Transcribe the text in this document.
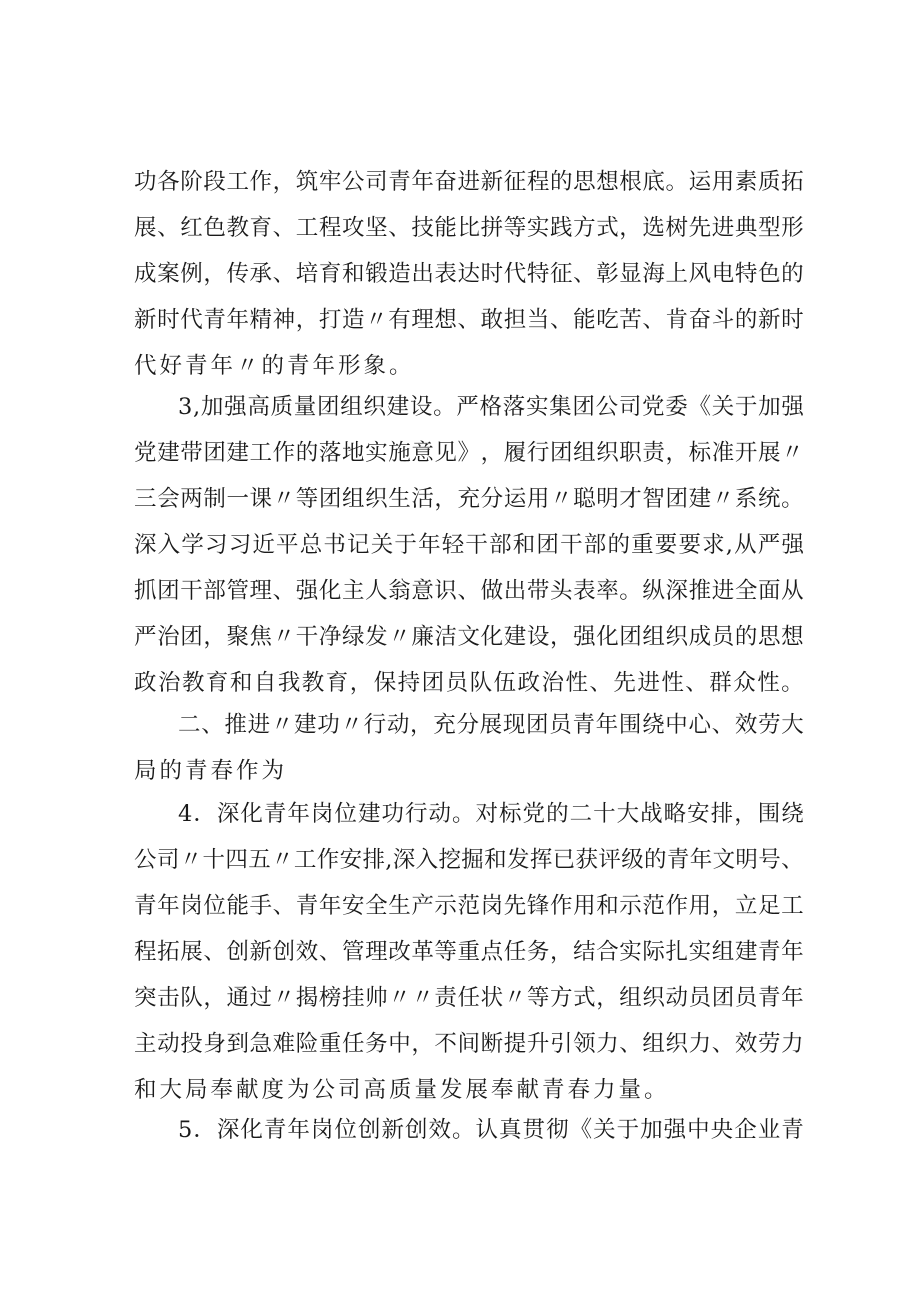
功 各 阶 段 工 作 ， 筑 牢 公 司 青 年 奋 进 新 征 程 的 思 想 根 底 。 运 用 素 质 拓
展 、 红 色 教 育 、 工 程 攻 坚 、 技 能 比 拼 等 实 践 方 式 ， 选 树 先 进 典 型 形
成 案 例 ， 传 承 、 培 育 和 锻 造 出 表 达 时 代 特 征 、 彰 显 海 上 风 电 特 色 的
新 时 代 青 年 精 神 ， 打 造 〃 有 理 想 、 敢 担 当 、 能 吃 苦 、 肯 奋 斗 的 新 时
代好青年〃的青年形象。
3 , 加 强 高 质 量 团 组 织 建 设 。 严 格 落 实 集 团 公 司 党 委 《 关 于 加 强
党 建 带 团 建 工 作 的 落 地 实 施 意 见 》 ， 履 行 团 组 织 职 责 ， 标 准 开 展 〃
三 会 两 制 一 课 〃 等 团 组 织 生 活 ， 充 分 运 用 〃 聪 明 才 智 团 建 〃 系 统 。
深 入 学 习 习 近 平 总 书 记 关 于 年 轻 干 部 和 团 干 部 的 重 要 要 求 , 从 严 强
抓 团 干 部 管 理 、 强 化 主 人 翁 意 识 、 做 出 带 头 表 率 。 纵 深 推 进 全 面 从
严 治 团 ， 聚 焦 〃 干 净 绿 发 〃 廉 洁 文 化 建 设 ， 强 化 团 组 织 成 员 的 思 想
政 治 教 育 和 自 我 教 育 ， 保 持 团 员 队 伍 政 治 性 、 先 进 性 、 群 众 性 。
二 、 推 进 〃 建 功 〃 行 动 ， 充 分 展 现 团 员 青 年 围 绕 中 心 、 效 劳 大
局的青春作为
4 ． 深 化 青 年 岗 位 建 功 行 动 。 对 标 党 的 二 十 大 战 略 安 排 ， 围 绕
公 司 〃 十 四 五 〃 工 作 安 排 , 深 入 挖 掘 和 发 挥 已 获 评 级 的 青 年 文 明 号 、
青 年 岗 位 能 手 、 青 年 安 全 生 产 示 范 岗 先 锋 作 用 和 示 范 作 用 ， 立 足 工
程 拓 展 、 创 新 创 效 、 管 理 改 革 等 重 点 任 务 ， 结 合 实 际 扎 实 组 建 青 年
突 击 队 ， 通 过 〃 揭 榜 挂 帅 〃 〃 责 任 状 〃 等 方 式 ， 组 织 动 员 团 员 青 年
主 动 投 身 到 急 难 险 重 任 务 中 ， 不 间 断 提 升 引 领 力 、 组 织 力 、 效 劳 力
和大局奉献度为公司高质量发展奉献青春力量。
5 ． 深 化 青 年 岗 位 创 新 创 效 。 认 真 贯 彻 《 关 于 加 强 中 央 企 业 青
